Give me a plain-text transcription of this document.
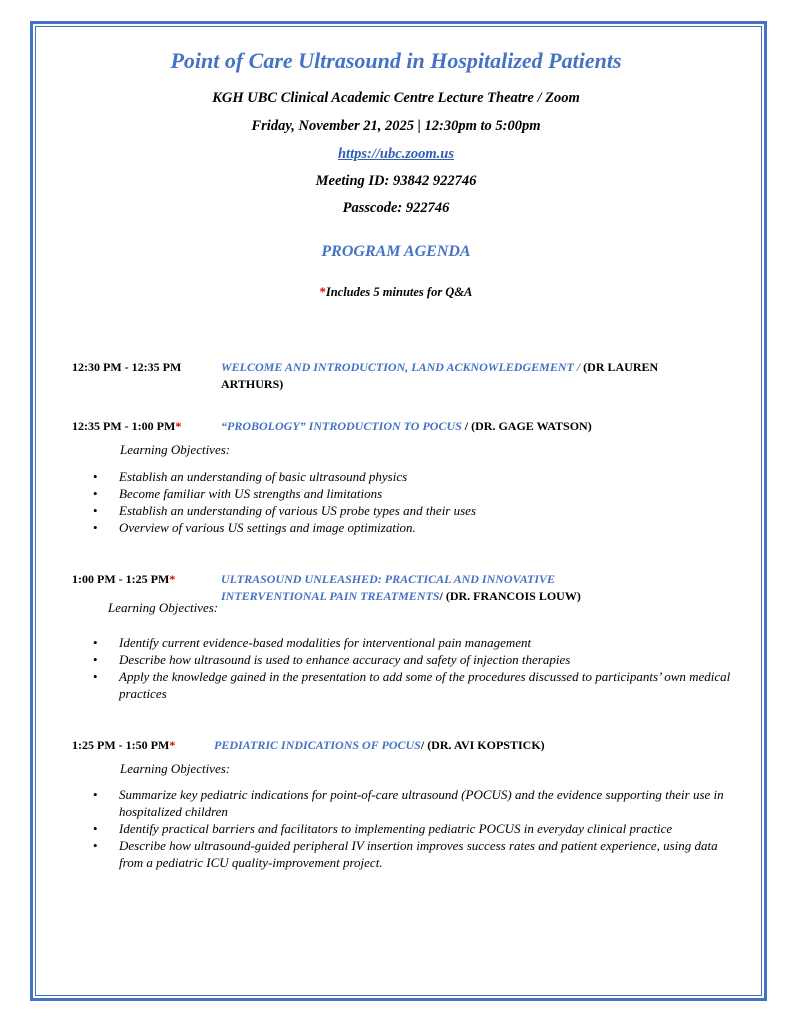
Point of Care Ultrasound in Hospitalized Patients
KGH UBC Clinical Academic Centre Lecture Theatre / Zoom
Friday, November 21, 2025 | 12:30pm to 5:00pm
https://ubc.zoom.us
Meeting ID: 93842 922746
Passcode: 922746
PROGRAM AGENDA
*Includes 5 minutes for Q&A
12:30 PM - 12:35 PM	WELCOME AND INTRODUCTION, LAND ACKNOWLEDGEMENT / (DR LAUREN
ARTHURS)
12:35 PM - 1:00 PM*	“PROBOLOGY” INTRODUCTION TO POCUS / (DR. GAGE WATSON)
Learning Objectives:
• Establish an understanding of basic ultrasound physics
• Become familiar with US strengths and limitations
• Establish an understanding of various US probe types and their uses
• Overview of various US settings and image optimization.
1:00 PM - 1:25 PM*	ULTRASOUND UNLEASHED: PRACTICAL AND INNOVATIVE
INTERVENTIONAL PAIN TREATMENTS/ (DR. FRANCOIS LOUW)
Learning Objectives:
• Identify current evidence-based modalities for interventional pain management
• Describe how ultrasound is used to enhance accuracy and safety of injection therapies
• Apply the knowledge gained in the presentation to add some of the procedures discussed to participants’ own medical practices
1:25 PM - 1:50 PM*	PEDIATRIC INDICATIONS OF POCUS/ (DR. AVI KOPSTICK)
Learning Objectives:
• Summarize key pediatric indications for point-of-care ultrasound (POCUS) and the evidence supporting their use in hospitalized children
• Identify practical barriers and facilitators to implementing pediatric POCUS in everyday clinical practice
• Describe how ultrasound-guided peripheral IV insertion improves success rates and patient experience, using data from a pediatric ICU quality-improvement project.
